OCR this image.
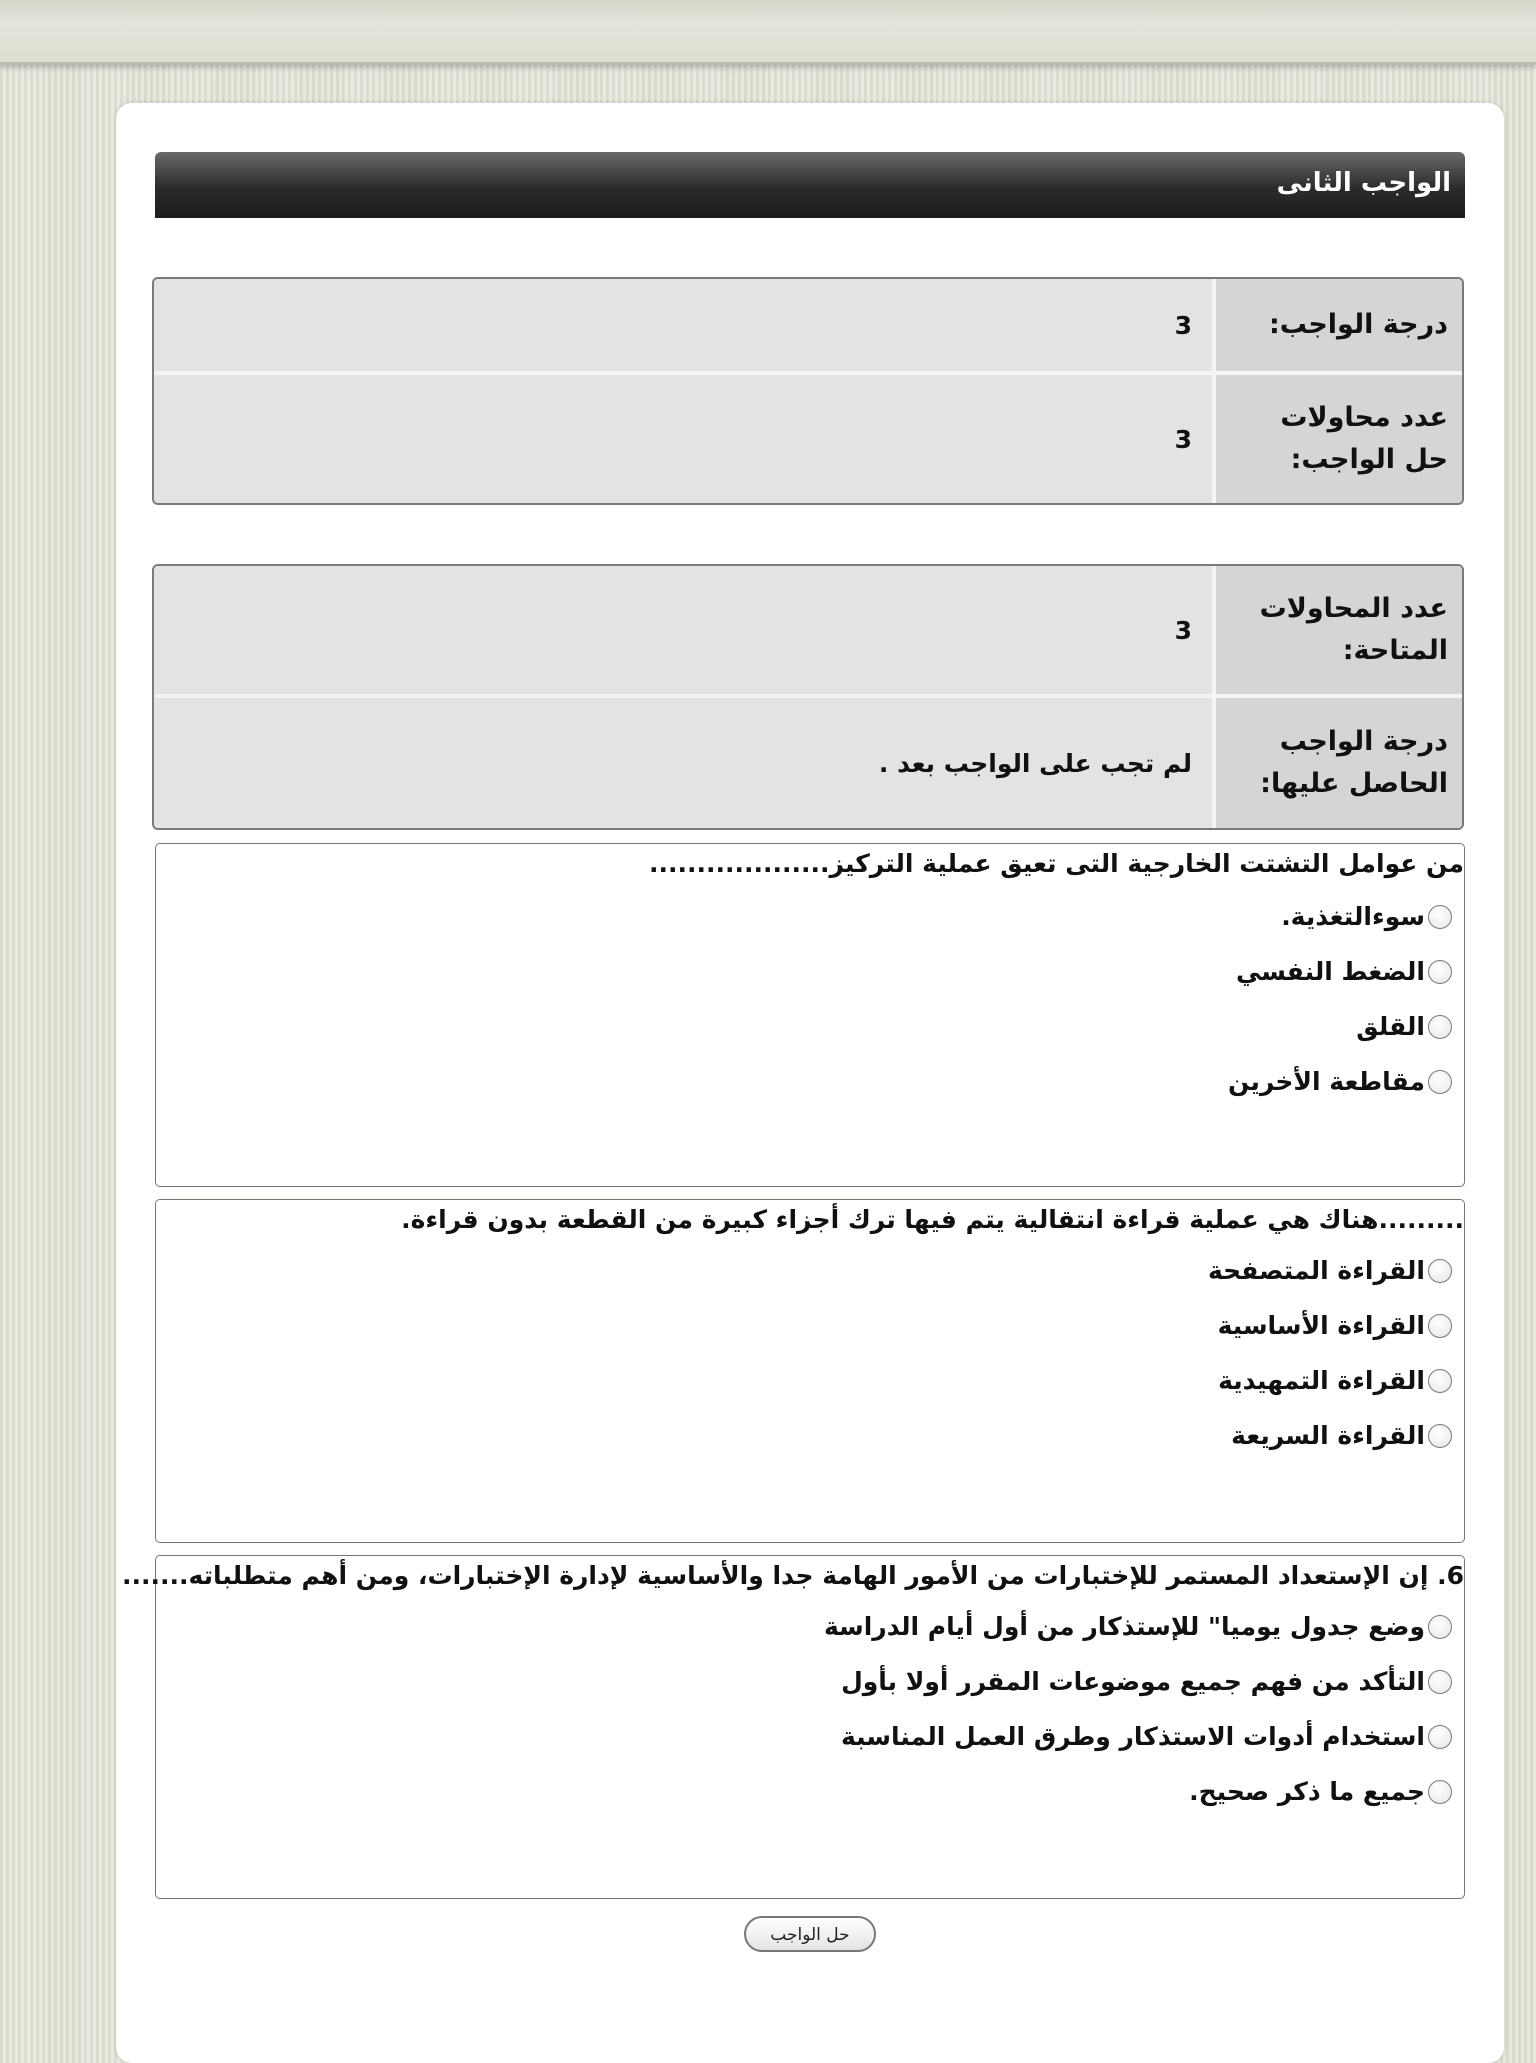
الواجب الثانى
درجة الواجب:
3
عدد محاولات حل الواجب:
3
عدد المحاولات المتاحة:
3
درجة الواجب الحاصل عليها:
لم تجب على الواجب بعد .
من عوامل التشتت الخارجية التى تعيق عملية التركيز...................
سوءالتغذية.
الضغط النفسي
القلق
مقاطعة الأخرين
.........هناك هي عملية قراءة انتقالية يتم فيها ترك أجزاء كبيرة من القطعة بدون قراءة.
القراءة المتصفحة
القراءة الأساسية
القراءة التمهيدية
القراءة السريعة
6. إن الإستعداد المستمر للإختبارات من الأمور الهامة جدا والأساسية لإدارة الإختبارات، ومن أهم متطلباته.......
وضع جدول يوميا" للإستذكار من أول أيام الدراسة
التأكد من فهم جميع موضوعات المقرر أولا بأول
استخدام أدوات الاستذكار وطرق العمل المناسبة
جميع ما ذكر صحيح.
حل الواجب
